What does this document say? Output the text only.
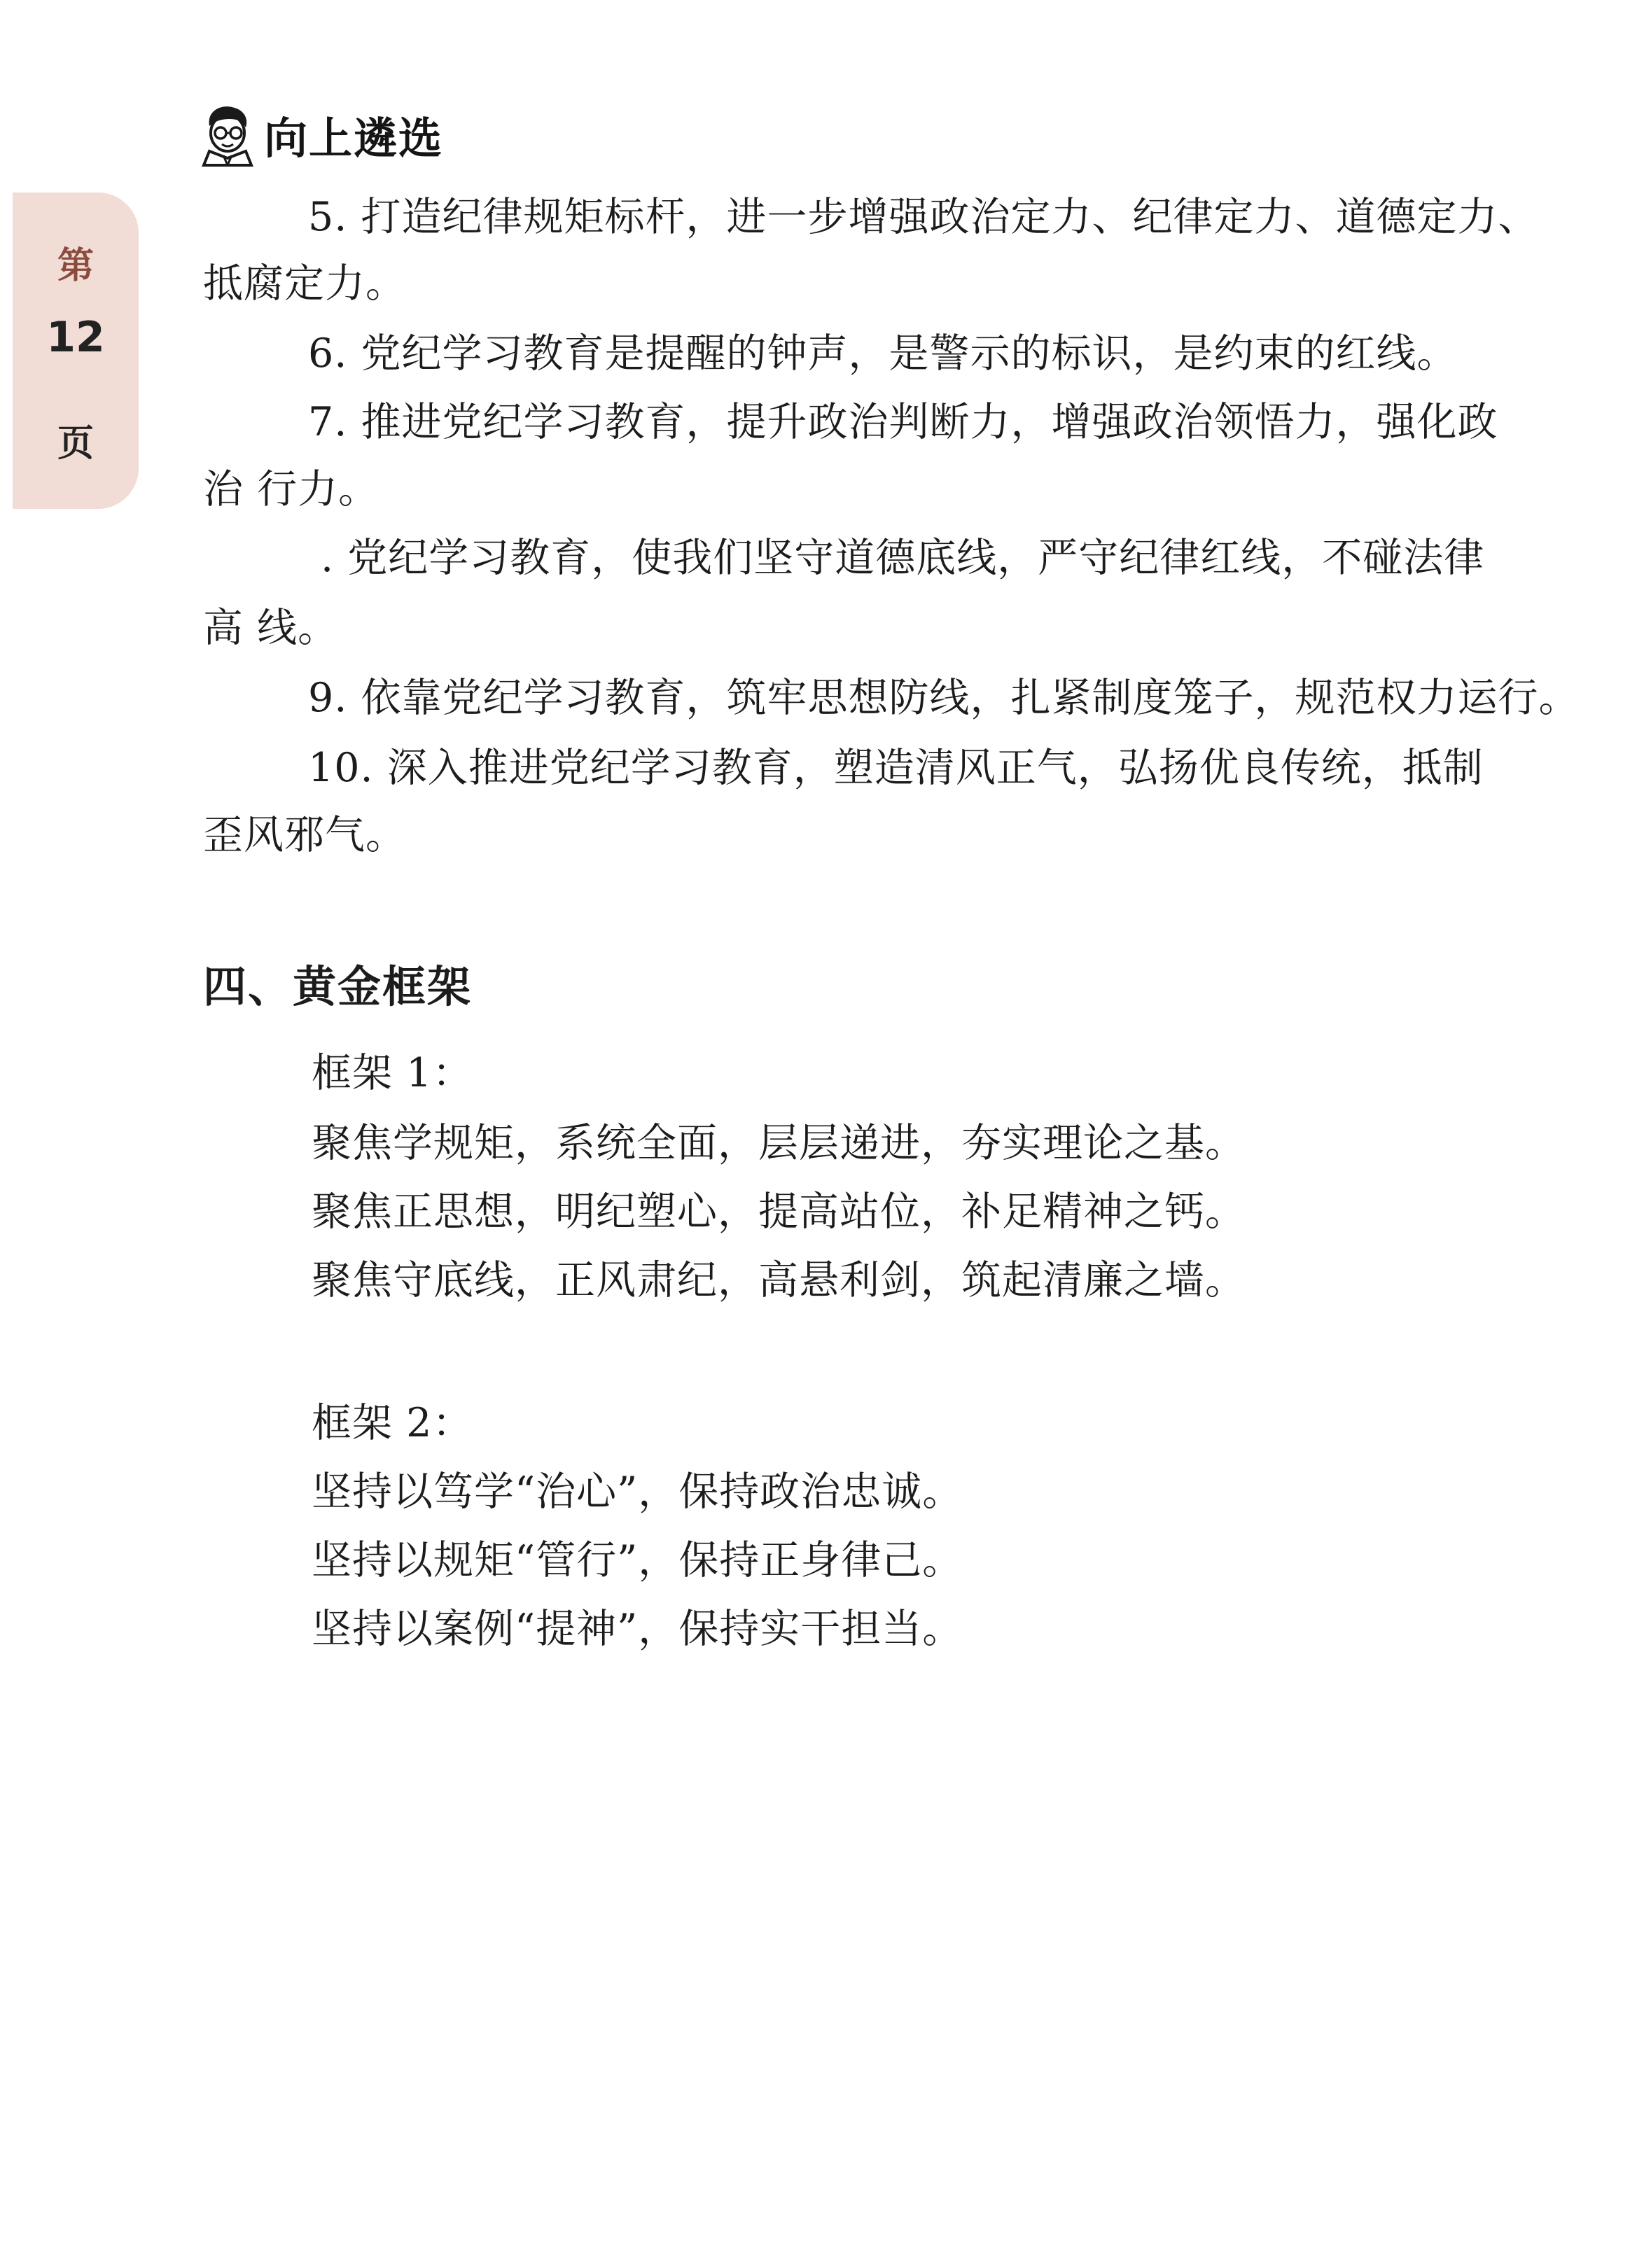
向上遴选
第
12
页
5. 打造纪律规矩标杆，进一步增强政治定力、纪律定力、道德定力、
抵腐定力。
6. 党纪学习教育是提醒的钟声，是警示的标识，是约束的红线。
7. 推进党纪学习教育，提升政治判断力，增强政治领悟力，强化政
治 行力。
. 党纪学习教育，使我们坚守道德底线，严守纪律红线，不碰法律
高 线。
9. 依靠党纪学习教育，筑牢思想防线，扎紧制度笼子，规范权力运行。
10. 深入推进党纪学习教育，塑造清风正气，弘扬优良传统，抵制
歪风邪气。
四、黄金框架
框架 1：
聚焦学规矩，系统全面，层层递进，夯实理论之基。
聚焦正思想，明纪塑心，提高站位，补足精神之钙。
聚焦守底线，正风肃纪，高悬利剑，筑起清廉之墙。
框架 2：
坚持以笃学“治心”，保持政治忠诚。
坚持以规矩“管行”，保持正身律己。
坚持以案例“提神”，保持实干担当。
